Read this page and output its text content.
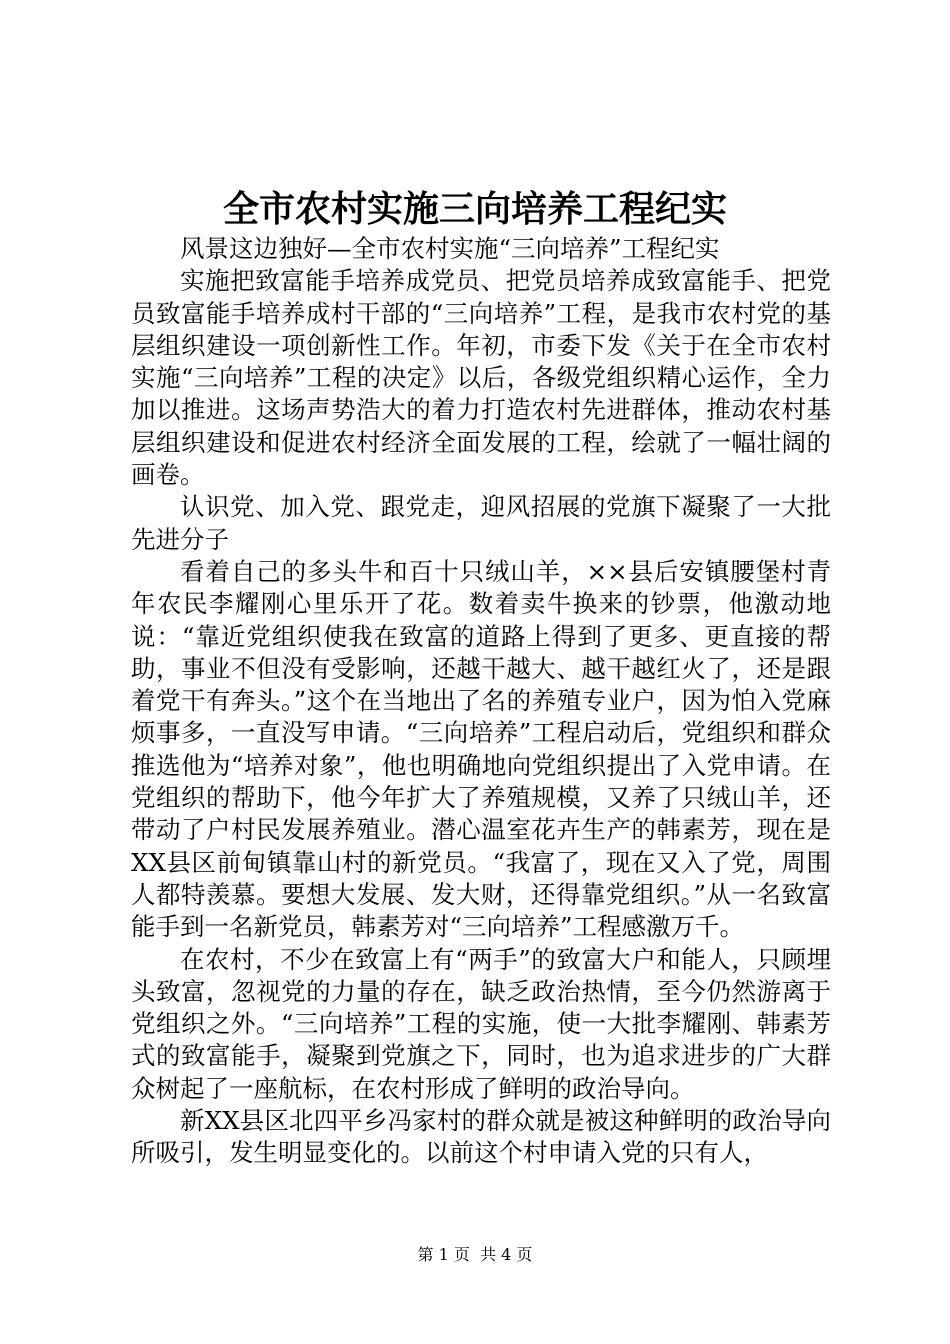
全市农村实施三向培养工程纪实

风景这边独好—全市农村实施“三向培养”工程纪实

实施把致富能手培养成党员、把党员培养成致富能手、把党员致富能手培养成村干部的“三向培养”工程，是我市农村党的基层组织建设一项创新性工作。年初，市委下发《关于在全市农村实施“三向培养”工程的决定》以后，各级党组织精心运作，全力加以推进。这场声势浩大的着力打造农村先进群体，推动农村基层组织建设和促进农村经济全面发展的工程，绘就了一幅壮阔的画卷。

认识党、加入党、跟党走，迎风招展的党旗下凝聚了一大批先进分子

看着自己的多头牛和百十只绒山羊，××县后安镇腰堡村青年农民李耀刚心里乐开了花。数着卖牛换来的钞票，他激动地说：“靠近党组织使我在致富的道路上得到了更多、更直接的帮助，事业不但没有受影响，还越干越大、越干越红火了，还是跟着党干有奔头。”这个在当地出了名的养殖专业户，因为怕入党麻烦事多，一直没写申请。“三向培养”工程启动后，党组织和群众推选他为“培养对象”，他也明确地向党组织提出了入党申请。在党组织的帮助下，他今年扩大了养殖规模，又养了只绒山羊，还带动了户村民发展养殖业。潜心温室花卉生产的韩素芳，现在是XX县区前甸镇靠山村的新党员。“我富了，现在又入了党，周围人都特羡慕。要想大发展、发大财，还得靠党组织。”从一名致富能手到一名新党员，韩素芳对“三向培养”工程感激万千。

在农村，不少在致富上有“两手”的致富大户和能人，只顾埋头致富，忽视党的力量的存在，缺乏政治热情，至今仍然游离于党组织之外。“三向培养”工程的实施，使一大批李耀刚、韩素芳式的致富能手，凝聚到党旗之下，同时，也为追求进步的广大群众树起了一座航标，在农村形成了鲜明的政治导向。

新XX县区北四平乡冯家村的群众就是被这种鲜明的政治导向所吸引，发生明显变化的。以前这个村申请入党的只有人，

第 1 页 共 4 页
